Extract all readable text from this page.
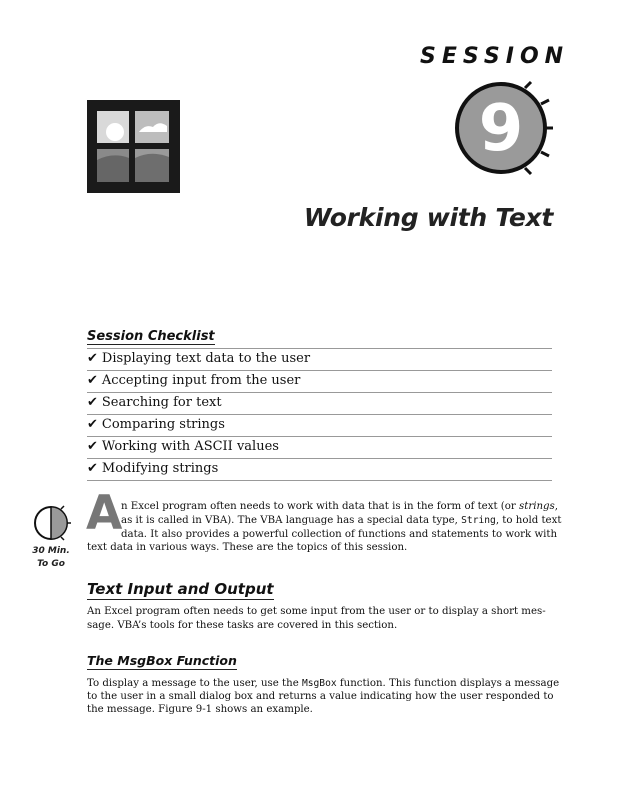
SESSION
9
Working with Text
Session Checklist
✔ Displaying text data to the user
✔ Accepting input from the user
✔ Searching for text
✔ Comparing strings
✔ Working with ASCII values
✔ Modifying strings
30 Min.
To Go
A
n Excel program often needs to work with data that is in the form of text (or strings,
as it is called in VBA). The VBA language has a special data type, String, to hold text
data. It also provides a powerful collection of functions and statements to work with
text data in various ways. These are the topics of this session.
Text Input and Output
An Excel program often needs to get some input from the user or to display a short mes-
sage. VBA’s tools for these tasks are covered in this section.
The MsgBox Function
To display a message to the user, use the MsgBox function. This function displays a message
to the user in a small dialog box and returns a value indicating how the user responded to
the message. Figure 9-1 shows an example.
